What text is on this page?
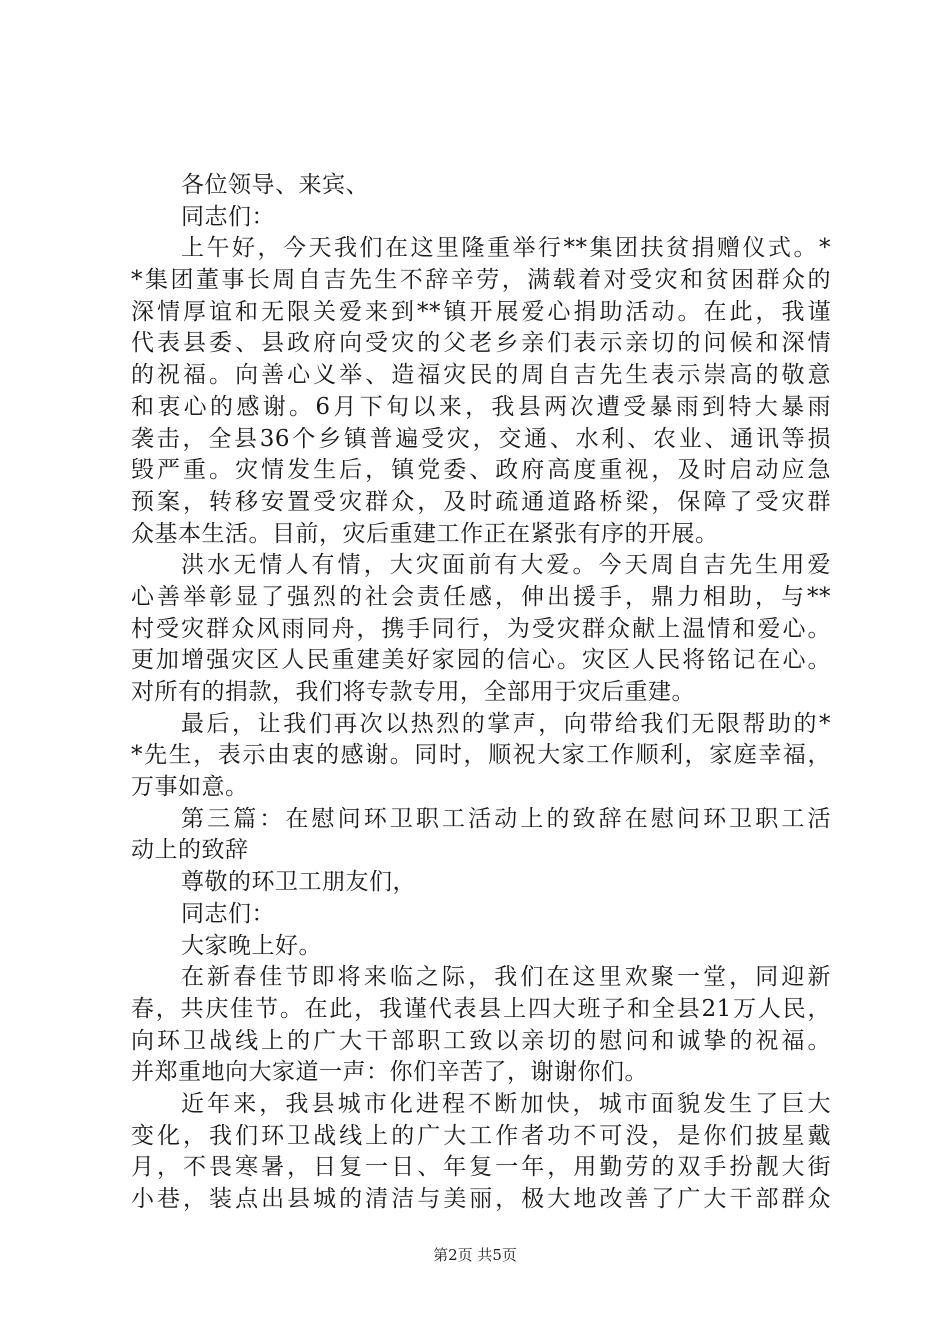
各位领导、来宾、
同志们：
上午好，今天我们在这里隆重举行**集团扶贫捐赠仪式。*
*集团董事长周自吉先生不辞辛劳，满载着对受灾和贫困群众的
深情厚谊和无限关爱来到**镇开展爱心捐助活动。在此，我谨
代表县委、县政府向受灾的父老乡亲们表示亲切的问候和深情
的祝福。向善心义举、造福灾民的周自吉先生表示崇高的敬意
和衷心的感谢。6月下旬以来，我县两次遭受暴雨到特大暴雨
袭击，全县36个乡镇普遍受灾，交通、水利、农业、通讯等损
毁严重。灾情发生后，镇党委、政府高度重视，及时启动应急
预案，转移安置受灾群众，及时疏通道路桥梁，保障了受灾群
众基本生活。目前，灾后重建工作正在紧张有序的开展。
洪水无情人有情，大灾面前有大爱。今天周自吉先生用爱
心善举彰显了强烈的社会责任感，伸出援手，鼎力相助，与**
村受灾群众风雨同舟，携手同行，为受灾群众献上温情和爱心。
更加增强灾区人民重建美好家园的信心。灾区人民将铭记在心。
对所有的捐款，我们将专款专用，全部用于灾后重建。
最后，让我们再次以热烈的掌声，向带给我们无限帮助的*
*先生，表示由衷的感谢。同时，顺祝大家工作顺利，家庭幸福，
万事如意。
第三篇：在慰问环卫职工活动上的致辞在慰问环卫职工活
动上的致辞
尊敬的环卫工朋友们，
同志们：
大家晚上好。
在新春佳节即将来临之际，我们在这里欢聚一堂，同迎新
春，共庆佳节。在此，我谨代表县上四大班子和全县21万人民，
向环卫战线上的广大干部职工致以亲切的慰问和诚挚的祝福。
并郑重地向大家道一声：你们辛苦了，谢谢你们。
近年来，我县城市化进程不断加快，城市面貌发生了巨大
变化，我们环卫战线上的广大工作者功不可没，是你们披星戴
月，不畏寒暑，日复一日、年复一年，用勤劳的双手扮靓大街
小巷，装点出县城的清洁与美丽，极大地改善了广大干部群众
第2页 共5页
